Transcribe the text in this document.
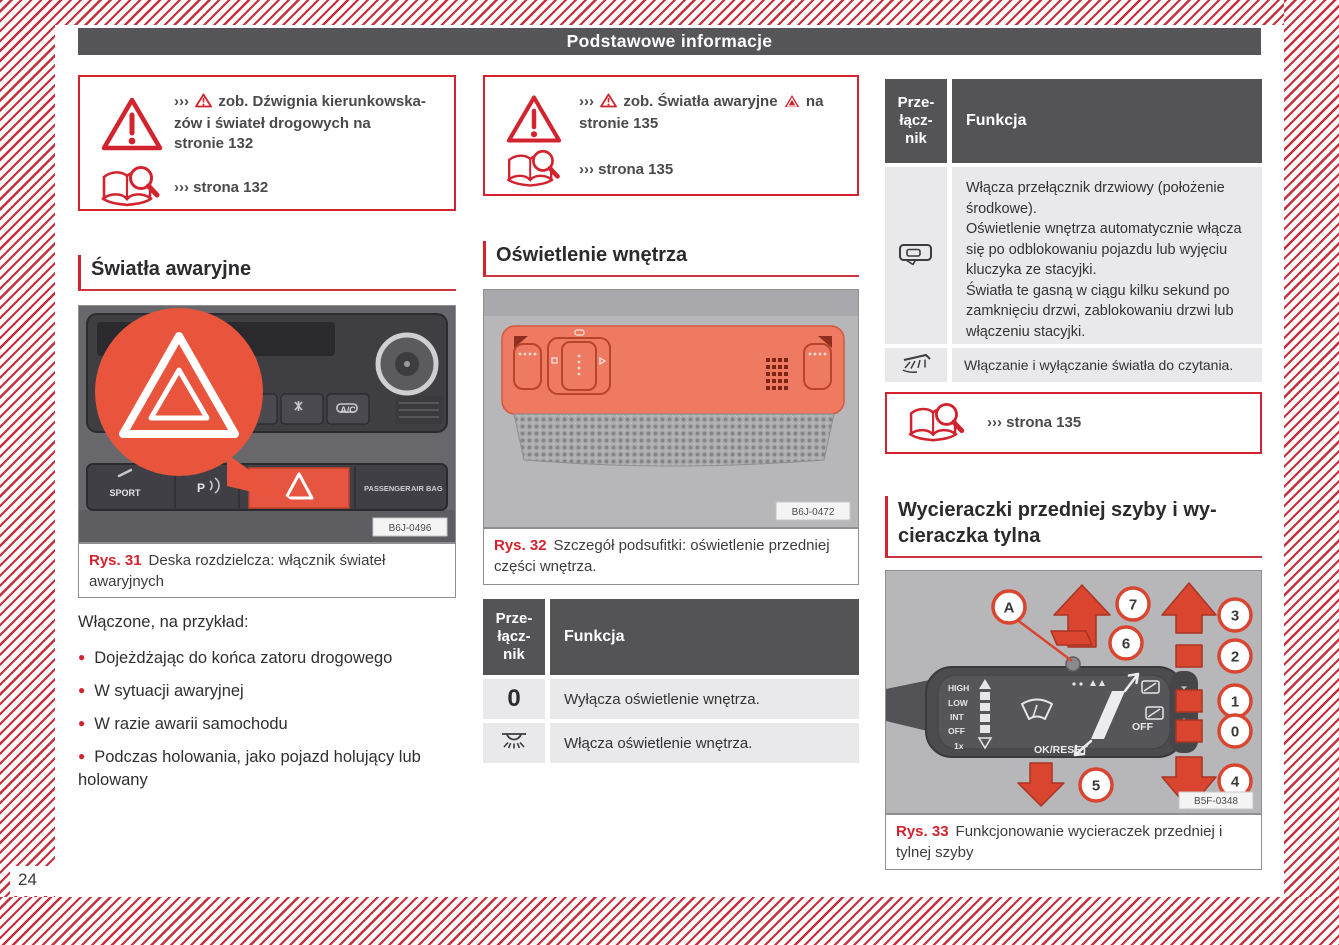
24
Podstawowe informacje
››› zob. Dźwignia kierunkowska-
zów i świateł drogowych na
stronie 132
››› strona 132
Światła awaryjne
A/C
SPORT	P	PASSENGER AIR BAG
B6J-0496
Rys. 31 Deska rozdzielcza: włącznik świateł awaryjnych
Włączone, na przykład:
● Dojeżdżając do końca zatoru drogowego
● W sytuacji awaryjnej
● W razie awarii samochodu
● Podczas holowania, jako pojazd holujący lub holowany
››› zob. Światła awaryjne na
stronie 135
››› strona 135
Oświetlenie wnętrza
B6J-0472
Rys. 32 Szczegół podsufitki: oświetlenie przedniej części wnętrza.
Prze-
łącz-
nik
Funkcja
0	Wyłącza oświetlenie wnętrza.
Włącza oświetlenie wnętrza.
Prze-
łącz-
nik
Funkcja

Włącza przełącznik drzwiowy (położenie środkowe).

Oświetlenie wnętrza automatycznie włącza się po odblokowaniu pojazdu lub wyjęciu kluczyka ze stacyjki.

Światła te gasną w ciągu kilku sekund po zamknięciu drzwi, zablokowaniu drzwi lub włączeniu stacyjki.

Włączanie i wyłączanie światła do czytania.
››› strona 135
Wycieraczki przedniej szyby i wy-
cieraczka tylna
HIGH
LOW
INT
OFF
1x
OFF
OK/RESET
A	7
6
3
2
1
0
4
5
B5F-0348
Rys. 33 Funkcjonowanie wycieraczek przedniej i tylnej szyby
